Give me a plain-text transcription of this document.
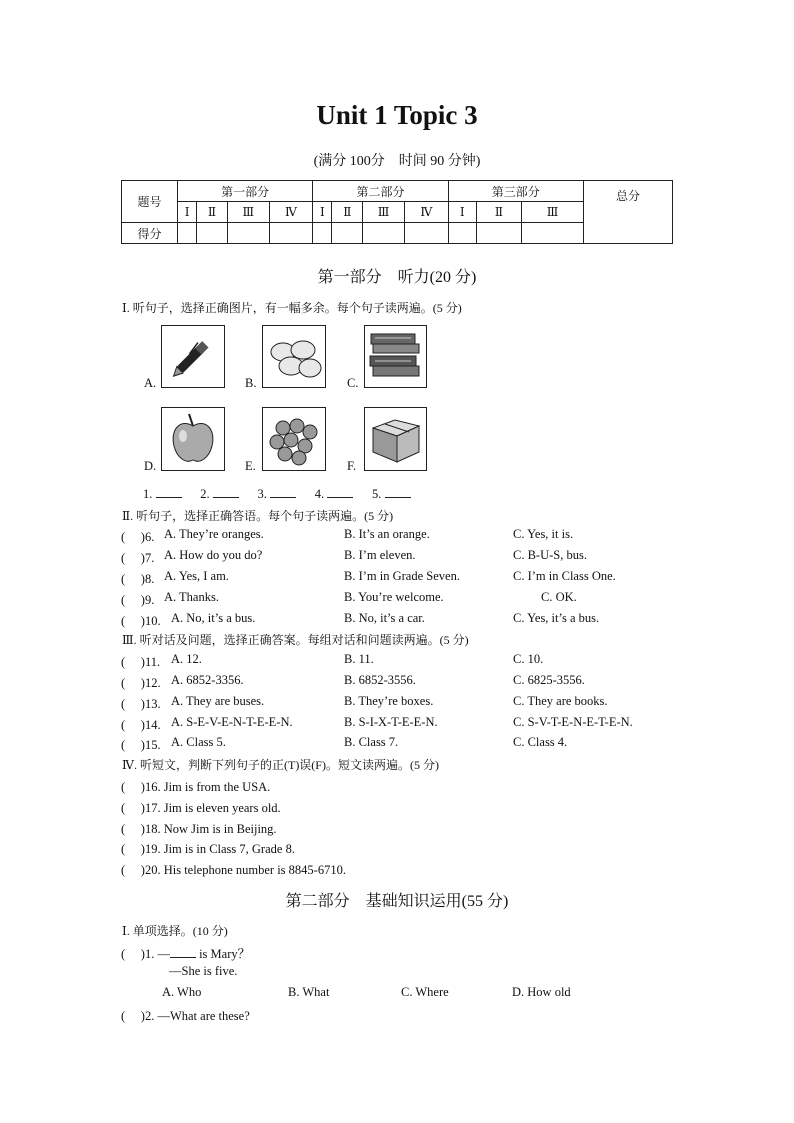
Unit 1 Topic 3
(满分 100分　时间 90 分钟)
题号	第一部分				第二部分				第三部分			总分
	Ⅰ	Ⅱ	Ⅲ	Ⅳ	Ⅰ	Ⅱ	Ⅲ	Ⅳ	Ⅰ	Ⅱ	Ⅲ	
得分												
第一部分　听力(20 分)
Ⅰ. 听句子，选择正确图片，有一幅多余。每个句子读两遍。(5 分)
A.	B.	C.
D.	E.	F.
1.	2.	3.	4.	5.
Ⅱ. 听句子，选择正确答语。每个句子读两遍。(5 分)
(　 )6. A. They’re oranges.	B. It’s an orange.	C. Yes, it is.
(　 )7. A. How do you do?	B. I’m eleven.	C. B-U-S, bus.
(　 )8. A. Yes, I am.	B. I’m in Grade Seven.	C. I’m in Class One.
(　 )9. A. Thanks.	B. You’re welcome.	C. OK.
(　 )10. A. No, it’s a bus.	B. No, it’s a car.	C. Yes, it’s a bus.
Ⅲ. 听对话及问题，选择正确答案。每组对话和问题读两遍。(5 分)
(　 )11. A. 12.	B. 11.	C. 10.
(　 )12. A. 6852-3356.	B. 6852-3556.	C. 6825-3556.
(　 )13. A. They are buses.	B. They’re boxes.	C. They are books.
(　 )14. A. S-E-V-E-N-T-E-E-N.	B. S-I-X-T-E-E-N.	C. S-V-T-E-N-E-T-E-N.
(　 )15. A. Class 5.	B. Class 7.	C. Class 4.
Ⅳ. 听短文，判断下列句子的正(T)误(F)。短文读两遍。(5 分)
(　 )16. Jim is from the USA.
(　 )17. Jim is eleven years old.
(　 )18. Now Jim is in Beijing.
(　 )19. Jim is in Class 7, Grade 8.
(　 )20. His telephone number is 8845-6710.
第二部分　基础知识运用(55 分)
Ⅰ. 单项选择。(10 分)
(　 )1. — is Mary？
—She is five.
A. Who	B. What	C. Where	D. How old
(　 )2. —What are these?
